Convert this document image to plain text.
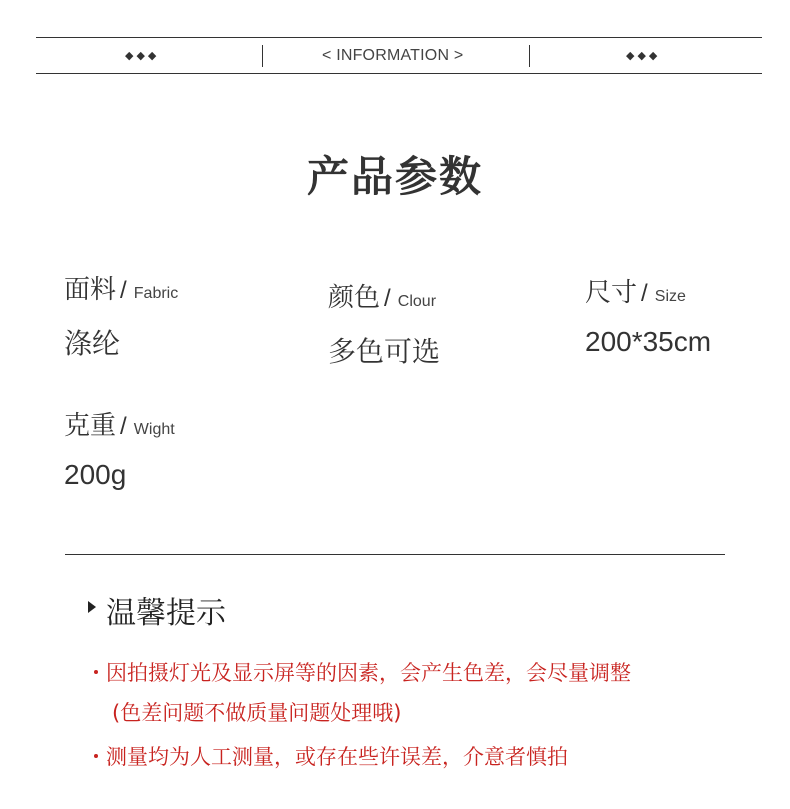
◆◆◆	< INFORMATION >	◆◆◆
产品参数
面料 / Fabric
涤纶
颜色 / Clour
多色可选
尺寸 / Size
200*35cm
克重 / Wight
200g
温馨提示
因拍摄灯光及显示屏等的因素，会产生色差，会尽量调整
(色差问题不做质量问题处理哦)
测量均为人工测量，或存在些许误差，介意者慎拍
